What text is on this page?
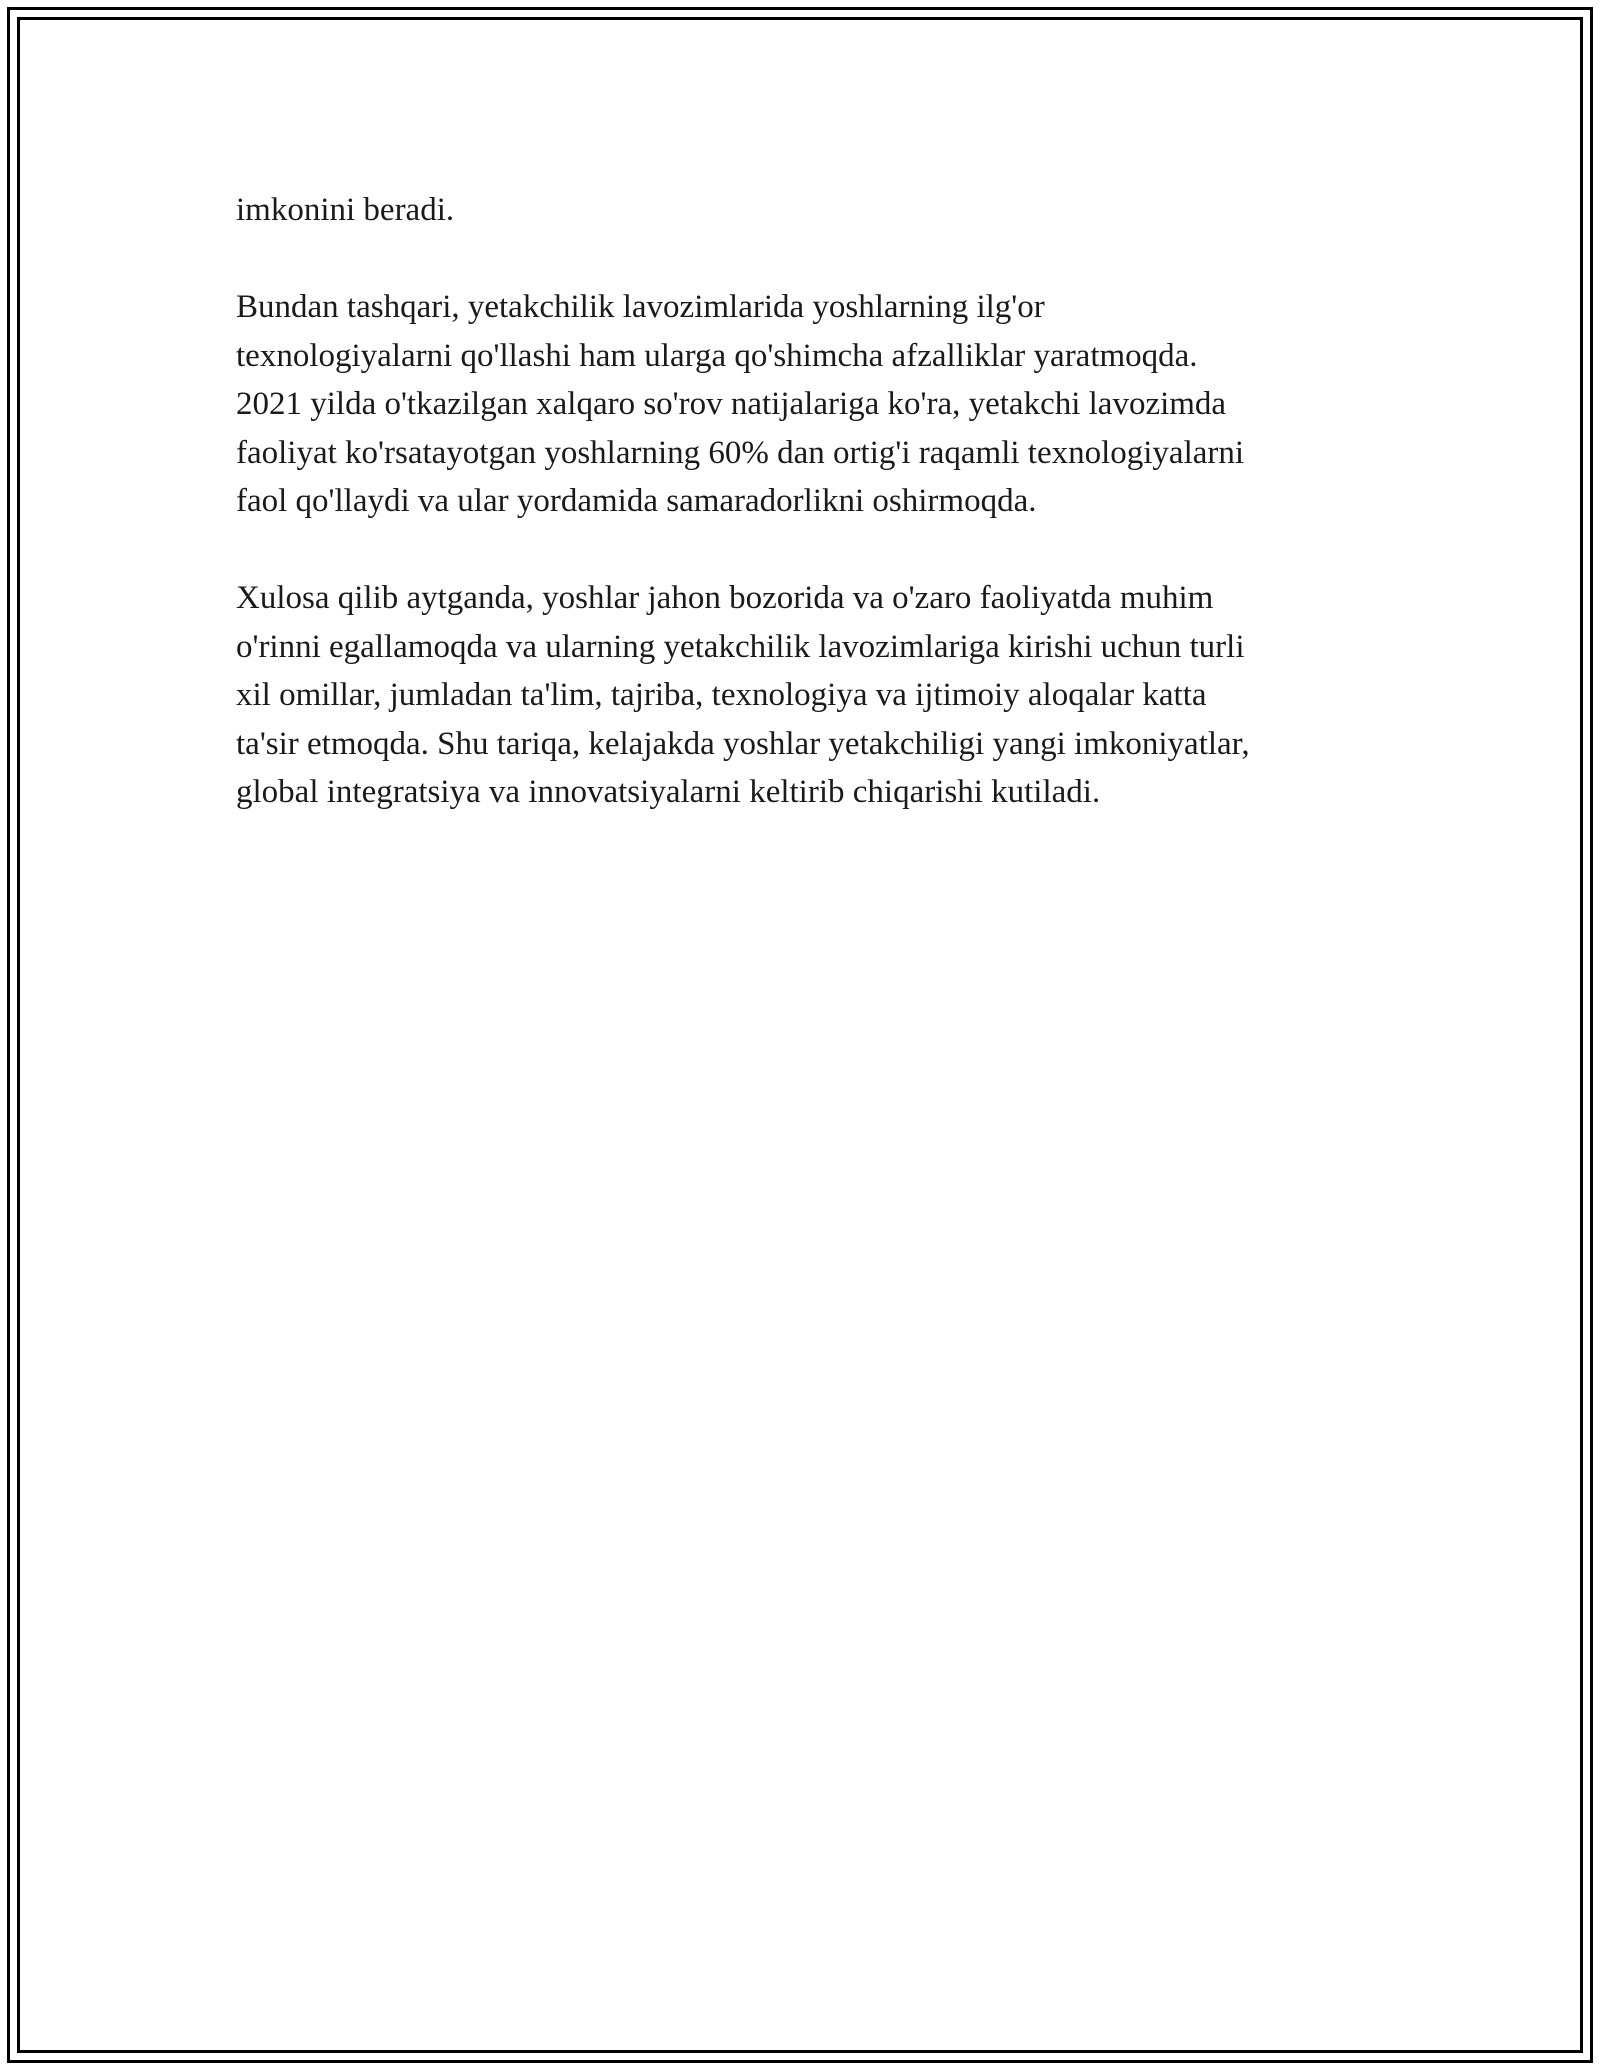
imkonini beradi.

Bundan tashqari, yetakchilik lavozimlarida yoshlarning ilg'or
texnologiyalarni qo'llashi ham ularga qo'shimcha afzalliklar yaratmoqda.
2021 yilda o'tkazilgan xalqaro so'rov natijalariga ko'ra, yetakchi lavozimda
faoliyat ko'rsatayotgan yoshlarning 60% dan ortig'i raqamli texnologiyalarni
faol qo'llaydi va ular yordamida samaradorlikni oshirmoqda.

Xulosa qilib aytganda, yoshlar jahon bozorida va o'zaro faoliyatda muhim
o'rinni egallamoqda va ularning yetakchilik lavozimlariga kirishi uchun turli
xil omillar, jumladan ta'lim, tajriba, texnologiya va ijtimoiy aloqalar katta
ta'sir etmoqda. Shu tariqa, kelajakda yoshlar yetakchiligi yangi imkoniyatlar,
global integratsiya va innovatsiyalarni keltirib chiqarishi kutiladi.
